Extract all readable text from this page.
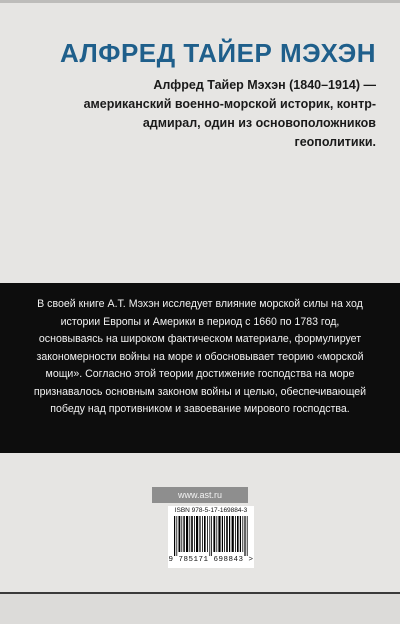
АЛФРЕД ТАЙЕР МЭХЭН

Алфред Тайер Мэхэн (1840–1914) — американский военно-морской историк, контр-адмирал, один из основоположников геополитики.

В своей книге А.Т. Мэхэн исследует влияние морской силы на ход истории Европы и Америки в период с 1660 по 1783 год, основываясь на широком фактическом материале, формулирует закономерности войны на море и обосновывает теорию «морской мощи». Согласно этой теории достижение господства на море признавалось основным законом войны и целью, обеспечивающей победу над противником и завоевание мирового господства.

www.ast.ru
ISBN 978-5-17-169884-3
9 785171 698843 >
